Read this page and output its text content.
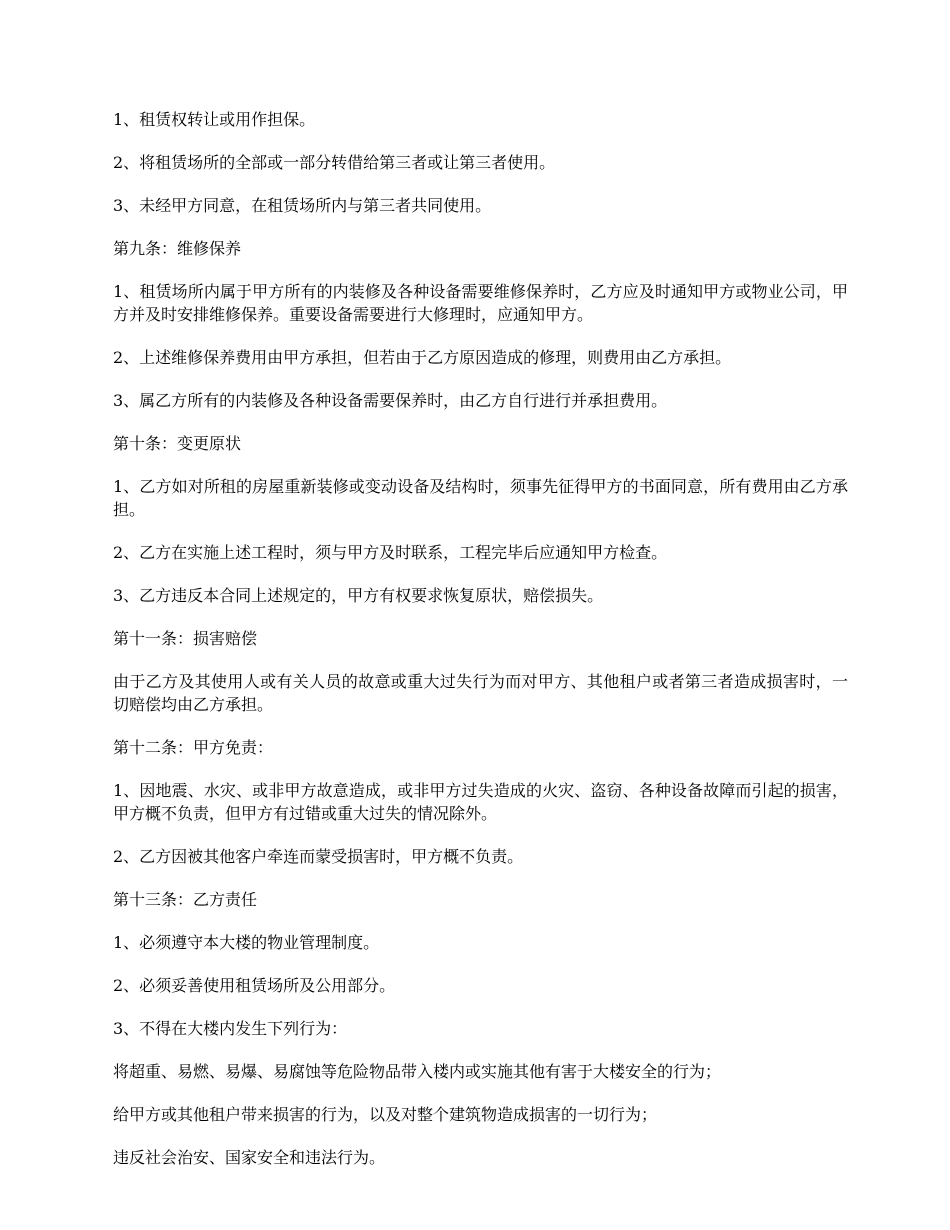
1、租赁权转让或用作担保。

2、将租赁场所的全部或一部分转借给第三者或让第三者使用。

3、未经甲方同意，在租赁场所内与第三者共同使用。

第九条：维修保养

1、租赁场所内属于甲方所有的内装修及各种设备需要维修保养时，乙方应及时通知甲方或物业公司，甲方并及时安排维修保养。重要设备需要进行大修理时，应通知甲方。

2、上述维修保养费用由甲方承担，但若由于乙方原因造成的修理，则费用由乙方承担。

3、属乙方所有的内装修及各种设备需要保养时，由乙方自行进行并承担费用。

第十条：变更原状

1、乙方如对所租的房屋重新装修或变动设备及结构时，须事先征得甲方的书面同意，所有费用由乙方承担。

2、乙方在实施上述工程时，须与甲方及时联系，工程完毕后应通知甲方检查。

3、乙方违反本合同上述规定的，甲方有权要求恢复原状，赔偿损失。

第十一条：损害赔偿

由于乙方及其使用人或有关人员的故意或重大过失行为而对甲方、其他租户或者第三者造成损害时，一切赔偿均由乙方承担。

第十二条：甲方免责：

1、因地震、水灾、或非甲方故意造成，或非甲方过失造成的火灾、盗窃、各种设备故障而引起的损害，甲方概不负责，但甲方有过错或重大过失的情况除外。

2、乙方因被其他客户牵连而蒙受损害时，甲方概不负责。

第十三条：乙方责任

1、必须遵守本大楼的物业管理制度。

2、必须妥善使用租赁场所及公用部分。

3、不得在大楼内发生下列行为：

将超重、易燃、易爆、易腐蚀等危险物品带入楼内或实施其他有害于大楼安全的行为；

给甲方或其他租户带来损害的行为，以及对整个建筑物造成损害的一切行为；

违反社会治安、国家安全和违法行为。
